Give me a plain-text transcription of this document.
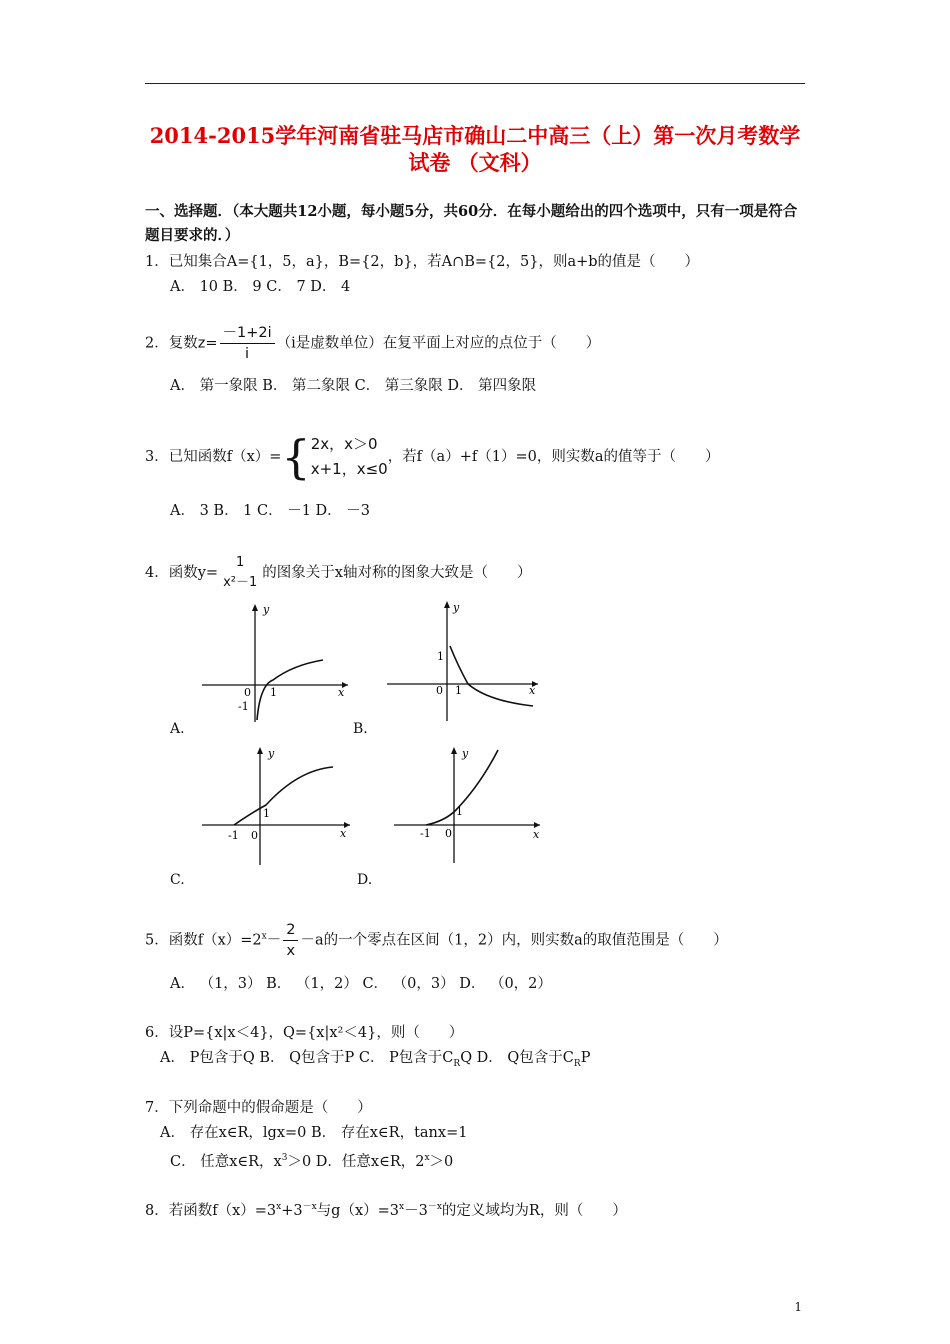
2014-2015学年河南省驻马店市确山二中高三（上）第一次月考数学
试卷 （文科）
一、选择题．（本大题共12小题，每小题5分，共60分．在每小题给出的四个选项中，只有一项是符合题目要求的．）
1．已知集合A={1，5，a}，B={2，b}，若A∩B={2，5}，则a+b的值是（　　）
A． 10 B． 9 C． 7 D． 4
2．复数$z= \frac{-1+2i}{i} (i$是虚数单位）在复平面上对应的点位于（　　）
A． 第一象限 B． 第二象限 C． 第三象限 D． 第四象限
3．已知函数f（x）={ 2x，x＞0
x+1，x≤0
，若f（a）+f（1）=0，则实数a的值等于（　　）
A． 3 B． 1 C． －1 D． －3
4．函数y=
1
x²－1
的图象关于x轴对称的图象大致是（　　）
y
x
0 1
-1
A.
y
x
0 1
1
B.
y
x
-1 0
1
C.
y
x
-1 0
1
D.
5．函数$f(x)=2^x- \frac{2}{x} -a$的一个零点在区间（1，2）内，则实数a的取值范围是（　　）
A． （1，3） B． （1，2） C． （0，3） D． （0，2）
6．设P={x|x＜4}，Q={x|x²＜4}，则（　　）
A． P包含于Q B． Q包含于P C． P包含于$C_RQ$ D． Q包含于$C_RP$
7．下列命题中的假命题是（　　）
A． 存在x∈R，lgx=0 B． 存在x∈R，tanx=1
C． 任意x∈R，$x^3>0$ D．任意x∈R，$2^x>0$
8．若函数$f(x)=3^x+3^{-x}$与$g(x)=3^x-3^{-x}$的定义域均为R，则（　　）
1
